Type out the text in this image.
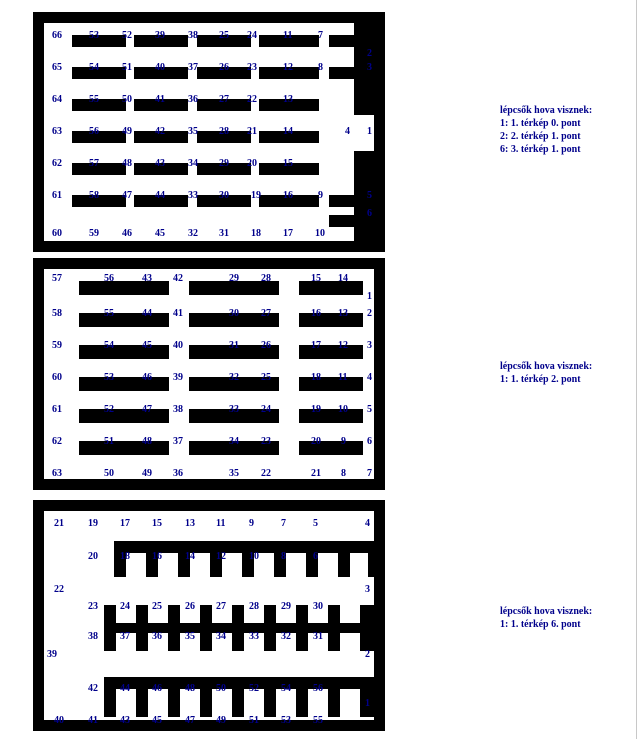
lépcsők hova visznek:
1: 1. térkép 0. pont
2: 2. térkép 1. pont
6: 3. térkép 1. pont
lépcsők hova visznek:
1: 1. térkép 2. pont
lépcsők hova visznek:
1: 1. térkép 6. pont
66	53 52 39 38 25 24	11	7
2
65	54 51 40 37 26 23	12	8	3
64	55 50 41 36 27 22	13
63	56 49 42 35 28 21	14	4 1
62	57 48 43 34 29 20	15
61	58 47 44 33 30 19 16	9	5
6
60	59 46 45 32 31 18 17 10
57	56	43 42	29 28	15 14
1
58	55	44 41	30 27	16 13 2
59	54	45 40	31 26	17 12 3
60	53	46 39	32 25	18 11 4
61	52	47 38	33 24	19 10 5
62	51	48 37	34 23	20 9 6
63	50	49 36	35 22	21 8 7
21 19 17 15 13 11 9	7	5	4
20 18 16 14 12 10 8	6
22	3
23 24 25 26 27 28 29 30
38 37 36 35 34 33 32 31
39	2
42 44 46 48 50 52 54 56
1
40 41 43 45 47 49 51 53 55
